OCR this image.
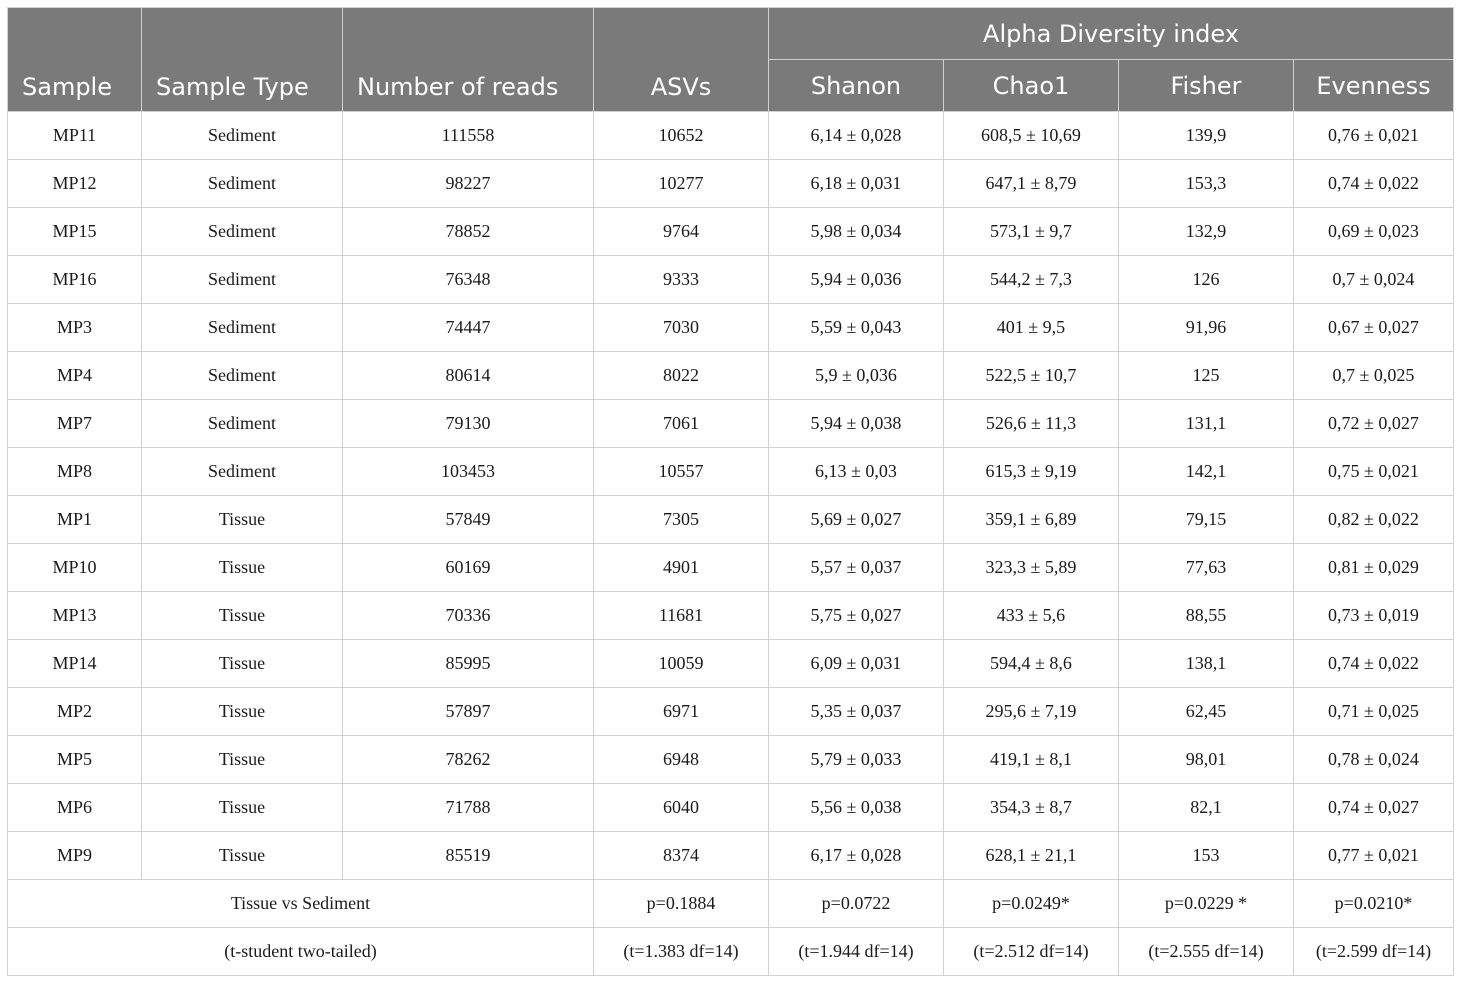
Sample	Sample Type	Number of reads	ASVs	Alpha Diversity index			
				Shanon	Chao1	Fisher	Evenness
MP11	Sediment	111558	10652	6,14 ± 0,028	608,5 ± 10,69	139,9	0,76 ± 0,021
MP12	Sediment	98227	10277	6,18 ± 0,031	647,1 ± 8,79	153,3	0,74 ± 0,022
MP15	Sediment	78852	9764	5,98 ± 0,034	573,1 ± 9,7	132,9	0,69 ± 0,023
MP16	Sediment	76348	9333	5,94 ± 0,036	544,2 ± 7,3	126	0,7 ± 0,024
MP3	Sediment	74447	7030	5,59 ± 0,043	401 ± 9,5	91,96	0,67 ± 0,027
MP4	Sediment	80614	8022	5,9 ± 0,036	522,5 ± 10,7	125	0,7 ± 0,025
MP7	Sediment	79130	7061	5,94 ± 0,038	526,6 ± 11,3	131,1	0,72 ± 0,027
MP8	Sediment	103453	10557	6,13 ± 0,03	615,3 ± 9,19	142,1	0,75 ± 0,021
MP1	Tissue	57849	7305	5,69 ± 0,027	359,1 ± 6,89	79,15	0,82 ± 0,022
MP10	Tissue	60169	4901	5,57 ± 0,037	323,3 ± 5,89	77,63	0,81 ± 0,029
MP13	Tissue	70336	11681	5,75 ± 0,027	433 ± 5,6	88,55	0,73 ± 0,019
MP14	Tissue	85995	10059	6,09 ± 0,031	594,4 ± 8,6	138,1	0,74 ± 0,022
MP2	Tissue	57897	6971	5,35 ± 0,037	295,6 ± 7,19	62,45	0,71 ± 0,025
MP5	Tissue	78262	6948	5,79 ± 0,033	419,1 ± 8,1	98,01	0,78 ± 0,024
MP6	Tissue	71788	6040	5,56 ± 0,038	354,3 ± 8,7	82,1	0,74 ± 0,027
MP9	Tissue	85519	8374	6,17 ± 0,028	628,1 ± 21,1	153	0,77 ± 0,021
Tissue vs Sediment			p=0.1884	p=0.0722	p=0.0249*	p=0.0229 *	p=0.0210*
(t-student two-tailed)			(t=1.383 df=14)	(t=1.944 df=14)	(t=2.512 df=14)	(t=2.555 df=14)	(t=2.599 df=14)
